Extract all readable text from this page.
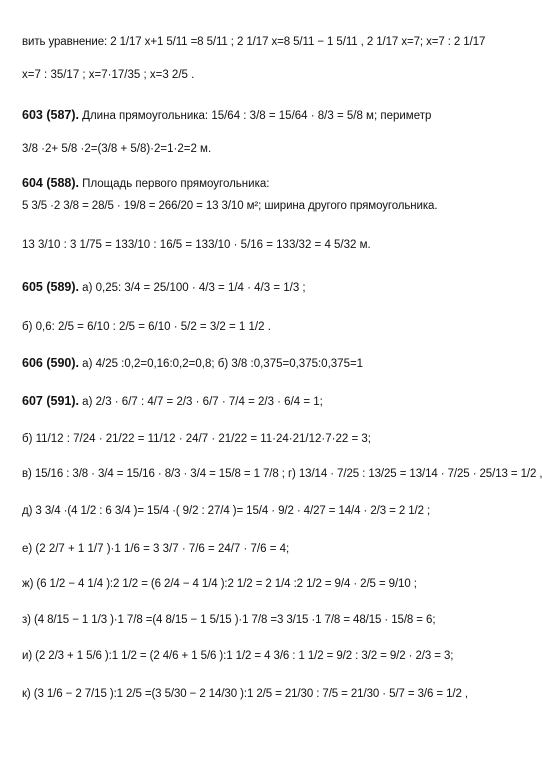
вить уравнение: 2 1/17 x+1 5/11 =8 5/11 ; 2 1/17 x=8 5/11 − 1 5/11 , 2 1/17 x=7; x=7 : 2 1/17
x=7 : 35/17 ; x=7·17/35 ; x=3 2/5 .
603 (587). Длина прямоугольника: 15/64 : 3/8 = 15/64 · 8/3 = 5/8 м; периметр
3/8 ·2+ 5/8 ·2=(3/8 + 5/8)·2=1·2=2 м.
604 (588). Площадь первого прямоугольника:
5 3/5 ·2 3/8 = 28/5 · 19/8 = 266/20 = 13 3/10 м²; ширина другого прямоугольника.
13 3/10 : 3 1/75 = 133/10 : 16/5 = 133/10 · 5/16 = 133/32 = 4 5/32 м.
605 (589). а) 0,25: 3/4 = 25/100 · 4/3 = 1/4 · 4/3 = 1/3 ;
б) 0,6: 2/5 = 6/10 : 2/5 = 6/10 · 5/2 = 3/2 = 1 1/2 .
606 (590). а) 4/25 :0,2=0,16:0,2=0,8; б) 3/8 :0,375=0,375:0,375=1
607 (591). а) 2/3 · 6/7 : 4/7 = 2/3 · 6/7 · 7/4 = 2/3 · 6/4 = 1;
б) 11/12 : 7/24 · 21/22 = 11/12 · 24/7 · 21/22 = 11·24·21/12·7·22 = 3;
в) 15/16 : 3/8 · 3/4 = 15/16 · 8/3 · 3/4 = 15/8 = 1 7/8 ; г) 13/14 · 7/25 : 13/25 = 13/14 · 7/25 · 25/13 = 1/2 ,
д) 3 3/4 ·(4 1/2 : 6 3/4 )= 15/4 ·( 9/2 : 27/4 )= 15/4 · 9/2 · 4/27 = 14/4 · 2/3 = 2 1/2 ;
е) (2 2/7 + 1 1/7 )·1 1/6 = 3 3/7 · 7/6 = 24/7 · 7/6 = 4;
ж) (6 1/2 − 4 1/4 ):2 1/2 = (6 2/4 − 4 1/4 ):2 1/2 = 2 1/4 :2 1/2 = 9/4 · 2/5 = 9/10 ;
з) (4 8/15 − 1 1/3 )·1 7/8 =(4 8/15 − 1 5/15 )·1 7/8 =3 3/15 ·1 7/8 = 48/15 · 15/8 = 6;
и) (2 2/3 + 1 5/6 ):1 1/2 = (2 4/6 + 1 5/6 ):1 1/2 = 4 3/6 : 1 1/2 = 9/2 : 3/2 = 9/2 · 2/3 = 3;
к) (3 1/6 − 2 7/15 ):1 2/5 =(3 5/30 − 2 14/30 ):1 2/5 = 21/30 : 7/5 = 21/30 · 5/7 = 3/6 = 1/2 ,
